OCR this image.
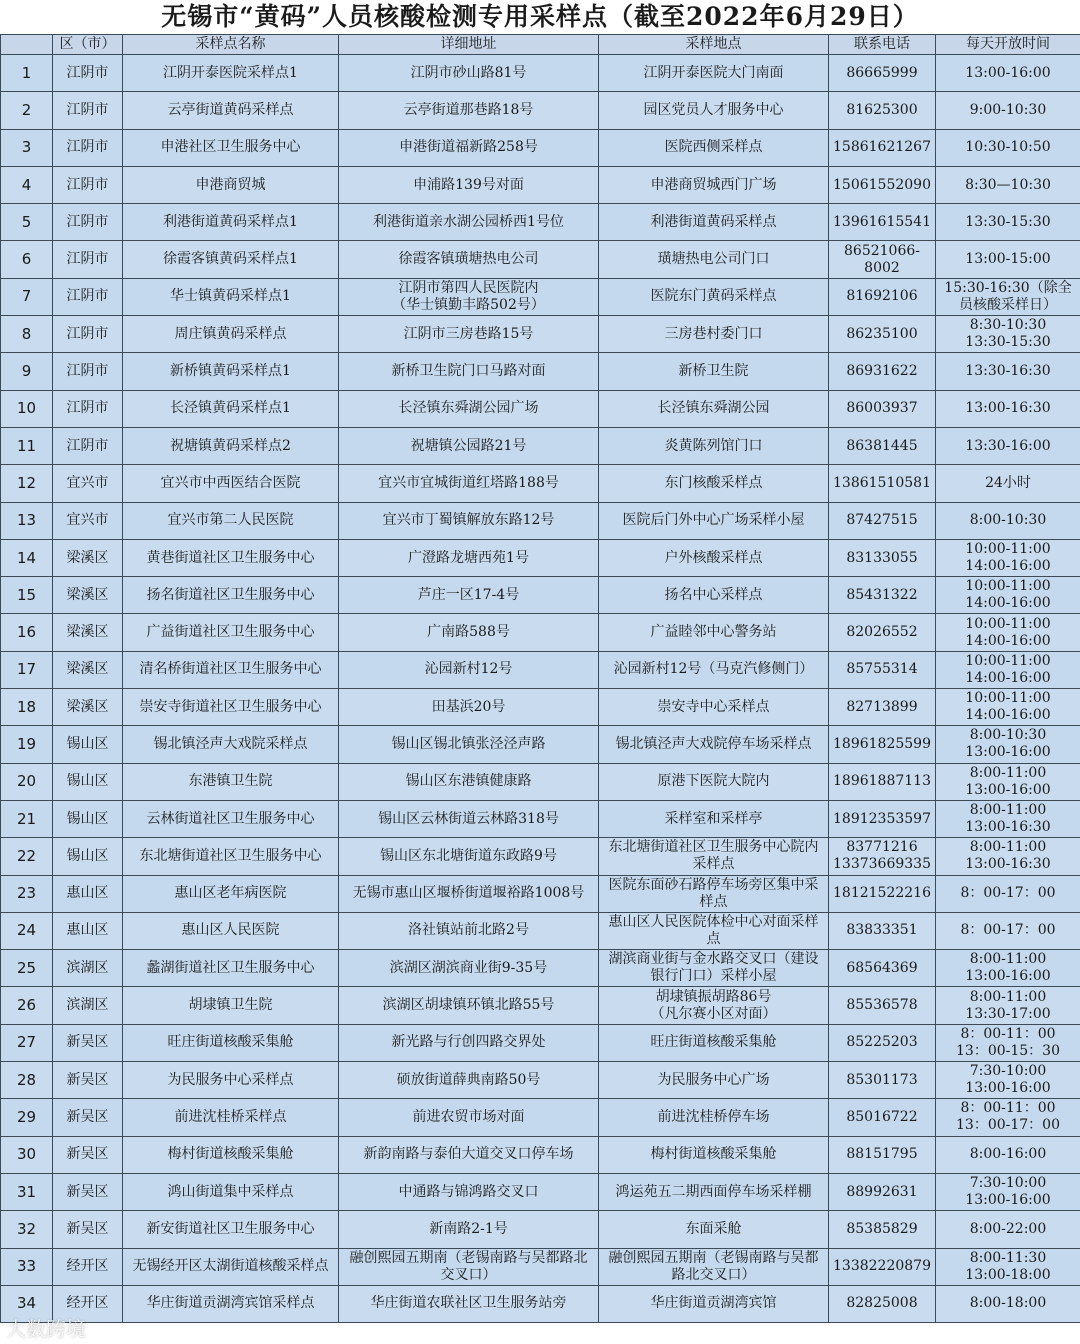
无锡市“黄码”人员核酸检测专用采样点（截至2022年6月29日）
	区（市）	采样点名称	详细地址	采样地点	联系电话	每天开放时间
1	江阴市	江阴开泰医院采样点1	江阴市砂山路81号	江阴开泰医院大门南面	86665999	13:00-16:00
2	江阴市	云亭街道黄码采样点	云亭街道那巷路18号	园区党员人才服务中心	81625300	9:00-10:30
3	江阴市	申港社区卫生服务中心	申港街道福新路258号	医院西侧采样点	15861621267	10:30-10:50
4	江阴市	申港商贸城	申浦路139号对面	申港商贸城西门广场	15061552090	8:30—10:30
5	江阴市	利港街道黄码采样点1	利港街道亲水湖公园桥西1号位	利港街道黄码采样点	13961615541	13:30-15:30
6	江阴市	徐霞客镇黄码采样点1	徐霞客镇璜塘热电公司	璜塘热电公司门口	86521066-8002	13:00-15:00
7	江阴市	华士镇黄码采样点1	江阴市第四人民医院内
（华士镇勤丰路502号）	医院东门黄码采样点	81692106	15:30-16:30（除全
员核酸采样日）
8	江阴市	周庄镇黄码采样点	江阴市三房巷路15号	三房巷村委门口	86235100	8:30-10:30
13:30-15:30
9	江阴市	新桥镇黄码采样点1	新桥卫生院门口马路对面	新桥卫生院	86931622	13:30-16:30
10	江阴市	长泾镇黄码采样点1	长泾镇东舜湖公园广场	长泾镇东舜湖公园	86003937	13:00-16:30
11	江阴市	祝塘镇黄码采样点2	祝塘镇公园路21号	炎黄陈列馆门口	86381445	13:30-16:00
12	宜兴市	宜兴市中西医结合医院	宜兴市宜城街道红塔路188号	东门核酸采样点	13861510581	24小时
13	宜兴市	宜兴市第二人民医院	宜兴市丁蜀镇解放东路12号	医院后门外中心广场采样小屋	87427515	8:00-10:30
14	梁溪区	黄巷街道社区卫生服务中心	广澄路龙塘西苑1号	户外核酸采样点	83133055	10:00-11:00
14:00-16:00
15	梁溪区	扬名街道社区卫生服务中心	芦庄一区17-4号	扬名中心采样点	85431322	10:00-11:00
14:00-16:00
16	梁溪区	广益街道社区卫生服务中心	广南路588号	广益睦邻中心警务站	82026552	10:00-11:00
14:00-16:00
17	梁溪区	清名桥街道社区卫生服务中心	沁园新村12号	沁园新村12号（马克汽修侧门）	85755314	10:00-11:00
14:00-16:00
18	梁溪区	崇安寺街道社区卫生服务中心	田基浜20号	崇安寺中心采样点	82713899	10:00-11:00
14:00-16:00
19	锡山区	锡北镇泾声大戏院采样点	锡山区锡北镇张泾泾声路	锡北镇泾声大戏院停车场采样点	18961825599	8:00-10:30
13:00-16:00
20	锡山区	东港镇卫生院	锡山区东港镇健康路	原港下医院大院内	18961887113	8:00-11:00
13:00-16:00
21	锡山区	云林街道社区卫生服务中心	锡山区云林街道云林路318号	采样室和采样亭	18912353597	8:00-11:00
13:00-16:30
22	锡山区	东北塘街道社区卫生服务中心	锡山区东北塘街道东政路9号	东北塘街道社区卫生服务中心院内
采样点	83771216
13373669335	8:00-11:00
13:00-16:30
23	惠山区	惠山区老年病医院	无锡市惠山区堰桥街道堰裕路1008号	医院东面砂石路停车场旁区集中采
样点	18121522216	8：00-17：00
24	惠山区	惠山区人民医院	洛社镇站前北路2号	惠山区人民医院体检中心对面采样
点	83833351	8：00-17：00
25	滨湖区	蠡湖街道社区卫生服务中心	滨湖区湖滨商业街9-35号	湖滨商业街与金水路交叉口（建设
银行门口）采样小屋	68564369	8:00-11:00
13:00-16:00
26	滨湖区	胡埭镇卫生院	滨湖区胡埭镇环镇北路55号	胡埭镇振胡路86号
（凡尔赛小区对面）	85536578	8:00-11:00
13:30-17:00
27	新吴区	旺庄街道核酸采集舱	新光路与行创四路交界处	旺庄街道核酸采集舱	85225203	8：00-11：00
13：00-15：30
28	新吴区	为民服务中心采样点	硕放街道薛典南路50号	为民服务中心广场	85301173	7:30-10:00
13:00-16:00
29	新吴区	前进沈桂桥采样点	前进农贸市场对面	前进沈桂桥停车场	85016722	8：00-11：00
13：00-17：00
30	新吴区	梅村街道核酸采集舱	新韵南路与泰伯大道交叉口停车场	梅村街道核酸采集舱	88151795	8:00-16:00
31	新吴区	鸿山街道集中采样点	中通路与锦鸿路交叉口	鸿运苑五二期西面停车场采样棚	88992631	7:30-10:00
13:00-16:00
32	新吴区	新安街道社区卫生服务中心	新南路2-1号	东面采舱	85385829	8:00-22:00
33	经开区	无锡经开区太湖街道核酸采样点	融创熙园五期南（老锡南路与吴都路北
交叉口）	融创熙园五期南（老锡南路与吴都
路北交叉口）	13382220879	8:00-11:30
13:00-18:00
34	经开区	华庄街道贡湖湾宾馆采样点	华庄街道农联社区卫生服务站旁	华庄街道贡湖湾宾馆	82825008	8:00-18:00
大数跨境
